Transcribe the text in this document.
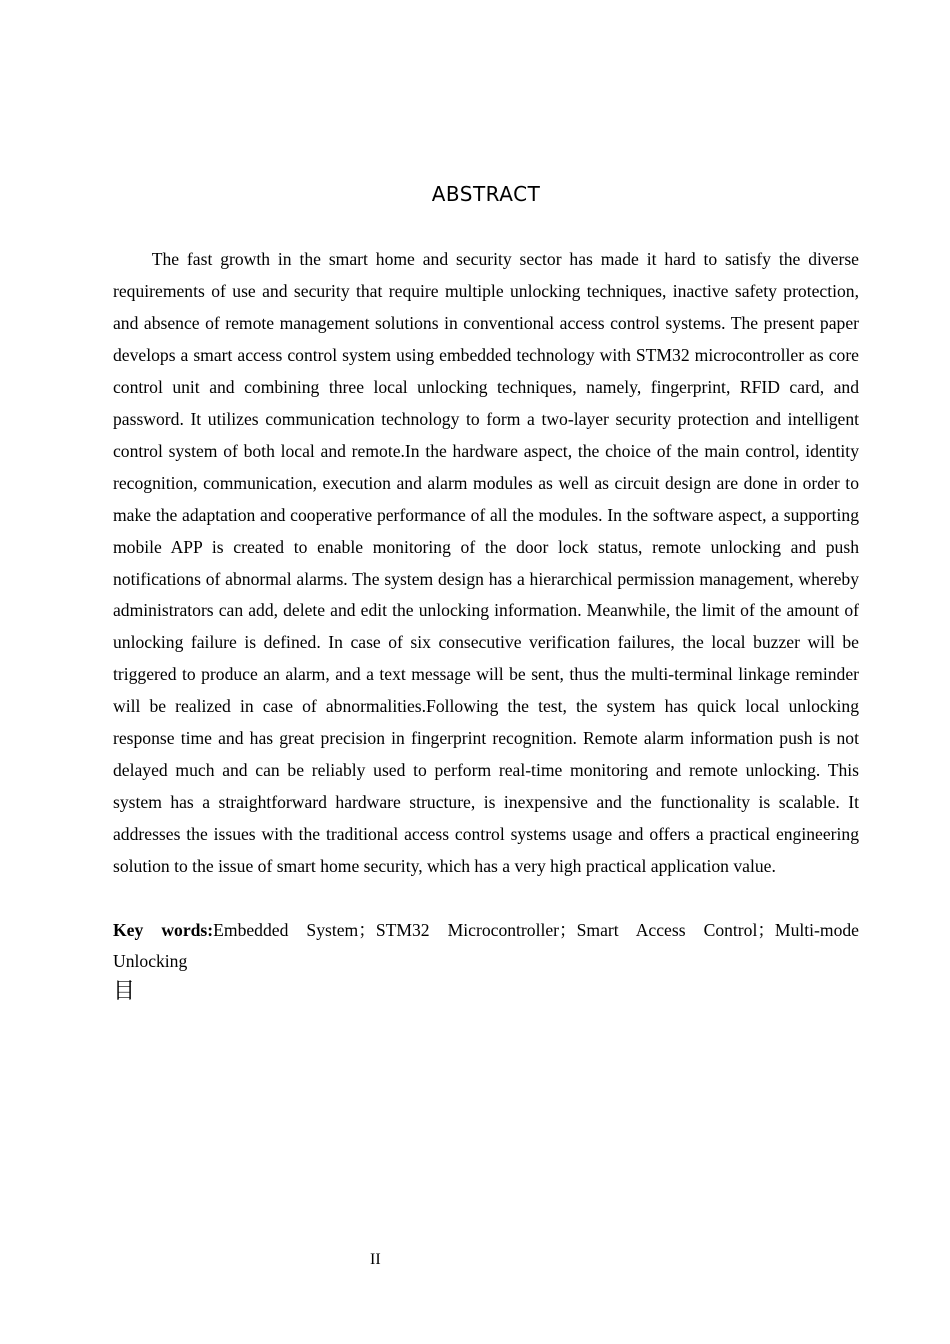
ABSTRACT

The fast growth in the smart home and security sector has made it hard to satisfy the diverse requirements of use and security that require multiple unlocking techniques, inactive safety protection, and absence of remote management solutions in conventional access control systems. The present paper develops a smart access control system using embedded technology with STM32 microcontroller as core control unit and combining three local unlocking techniques, namely, fingerprint, RFID card, and password. It utilizes communication technology to form a two-layer security protection and intelligent control system of both local and remote.In the hardware aspect, the choice of the main control, identity recognition, communication, execution and alarm modules as well as circuit design are done in order to make the adaptation and cooperative performance of all the modules. In the software aspect, a supporting mobile APP is created to enable monitoring of the door lock status, remote unlocking and push notifications of abnormal alarms. The system design has a hierarchical permission management, whereby administrators can add, delete and edit the unlocking information. Meanwhile, the limit of the amount of unlocking failure is defined. In case of six consecutive verification failures, the local buzzer will be triggered to produce an alarm, and a text message will be sent, thus the multi-terminal linkage reminder will be realized in case of abnormalities.Following the test, the system has quick local unlocking response time and has great precision in fingerprint recognition. Remote alarm information push is not delayed much and can be reliably used to perform real-time monitoring and remote unlocking. This system has a straightforward hardware structure, is inexpensive and the functionality is scalable. It addresses the issues with the traditional access control systems usage and offers a practical engineering solution to the issue of smart home security, which has a very high practical application value.

Key words:Embedded System；STM32 Microcontroller；Smart Access Control；Multi-mode Unlocking

目
II
